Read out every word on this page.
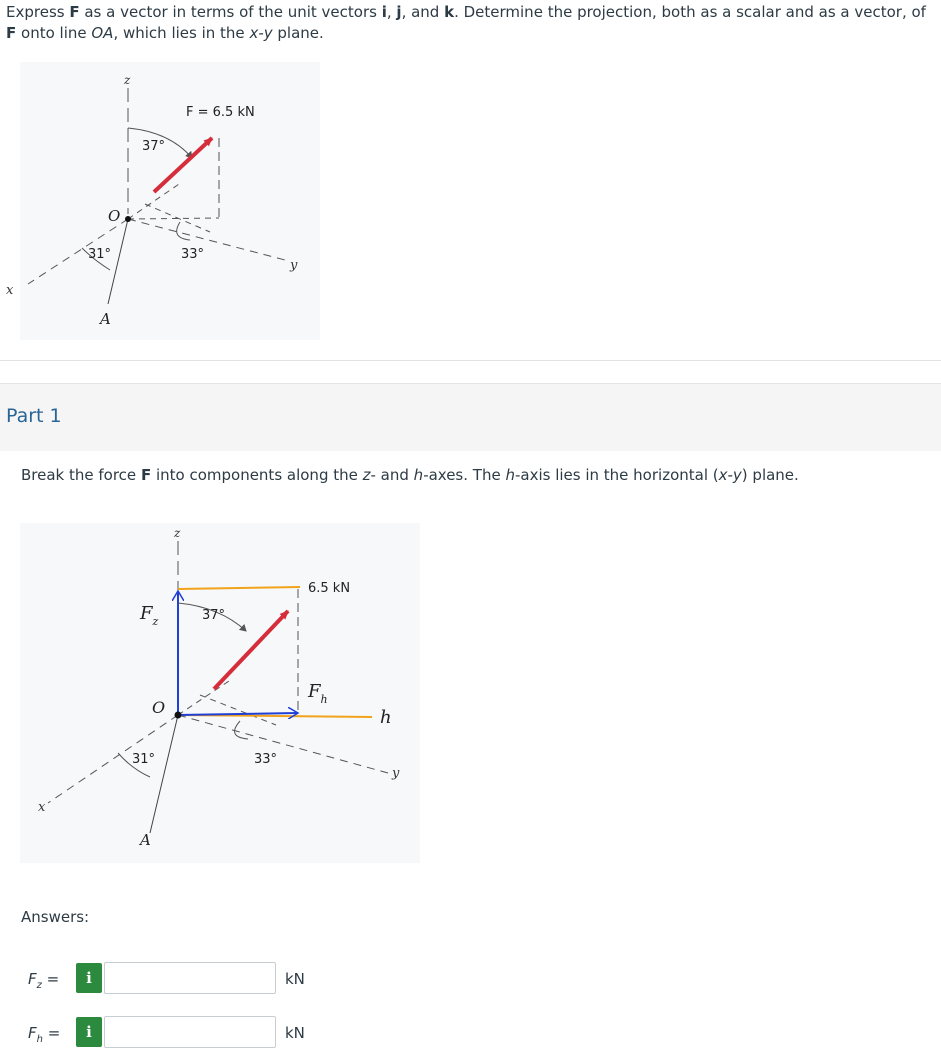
Express F as a vector in terms of the unit vectors i, j, and k. Determine the projection, both as a scalar and as a vector, of F onto line OA, which lies in the x-y plane.
z
x
y
O
A
F = 6.5 kN
37°
31°	33°
Part 1
Break the force F into components along the z- and h-axes. The h-axis lies in the horizontal (x-y) plane.
z
x
y
h
O
A
$F_z$
$F_h$
6.5 kN
37°
31°	33°
Answers:
$F_z$ =	i	kN
$F_h$ =	i	kN
